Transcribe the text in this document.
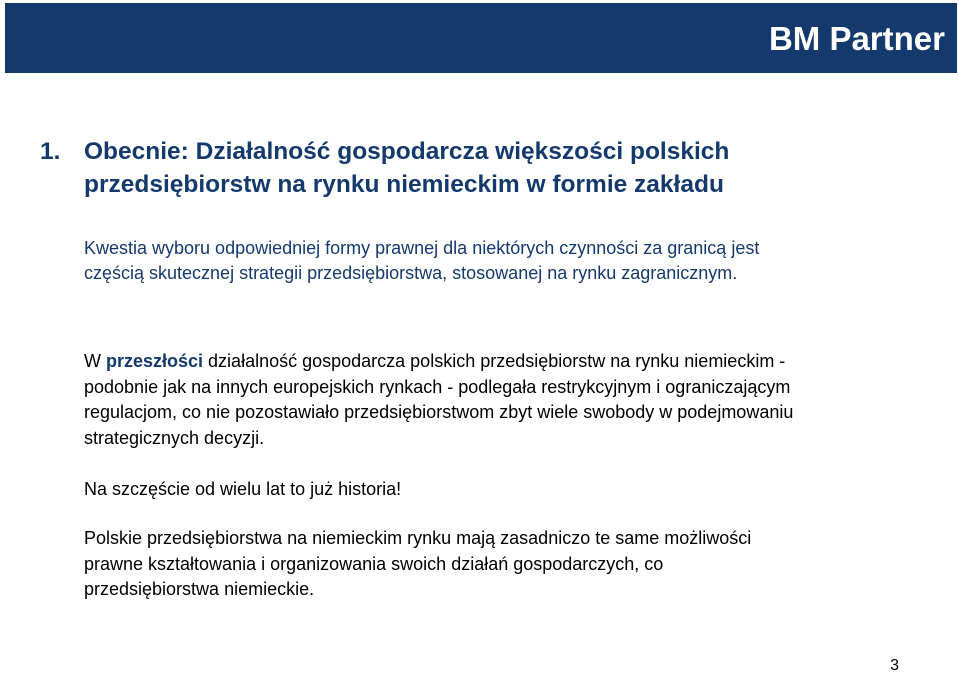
BM Partner
1. Obecnie: Działalność gospodarcza większości polskich
przedsiębiorstw na rynku niemieckim w formie zakładu

Kwestia wyboru odpowiedniej formy prawnej dla niektórych czynności za granicą jest
częścią skutecznej strategii przedsiębiorstwa, stosowanej na rynku zagranicznym.

W przeszłości działalność gospodarcza polskich przedsiębiorstw na rynku niemieckim -
podobnie jak na innych europejskich rynkach - podlegała restrykcyjnym i ograniczającym
regulacjom, co nie pozostawiało przedsiębiorstwom zbyt wiele swobody w podejmowaniu
strategicznych decyzji.

Na szczęście od wielu lat to już historia!

Polskie przedsiębiorstwa na niemieckim rynku mają zasadniczo te same możliwości
prawne kształtowania i organizowania swoich działań gospodarczych, co
przedsiębiorstwa niemieckie.

3
